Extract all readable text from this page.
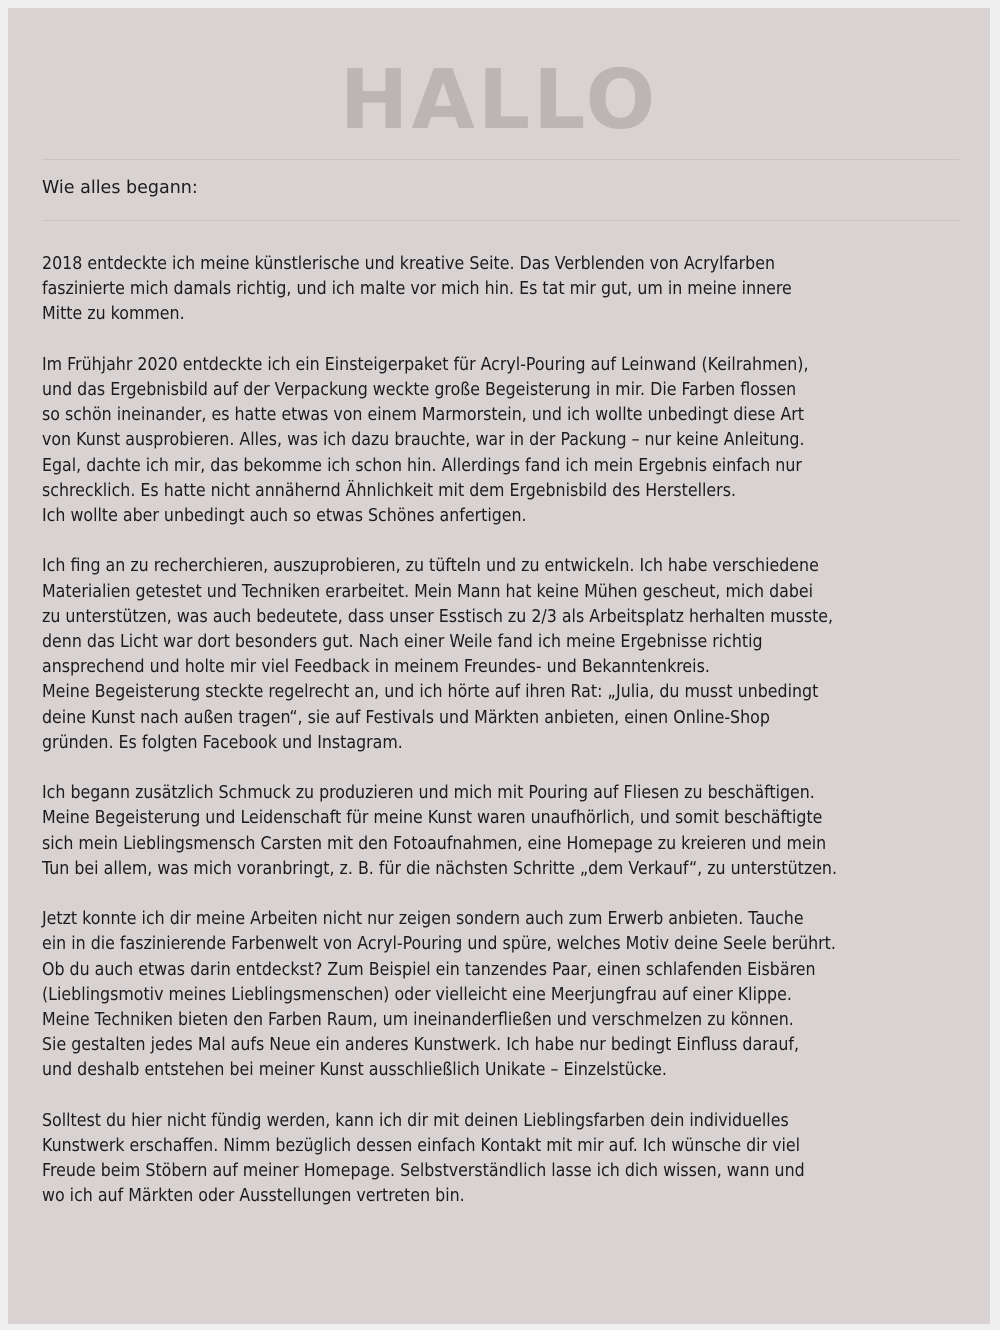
HALLO

Wie alles begann:

2018 entdeckte ich meine künstlerische und kreative Seite. Das Verblenden von Acrylfarben
faszinierte mich damals richtig, und ich malte vor mich hin. Es tat mir gut, um in meine innere
Mitte zu kommen.

Im Frühjahr 2020 entdeckte ich ein Einsteigerpaket für Acryl-Pouring auf Leinwand (Keilrahmen),
und das Ergebnisbild auf der Verpackung weckte große Begeisterung in mir. Die Farben flossen
so schön ineinander, es hatte etwas von einem Marmorstein, und ich wollte unbedingt diese Art
von Kunst ausprobieren. Alles, was ich dazu brauchte, war in der Packung – nur keine Anleitung.
Egal, dachte ich mir, das bekomme ich schon hin. Allerdings fand ich mein Ergebnis einfach nur
schrecklich. Es hatte nicht annähernd Ähnlichkeit mit dem Ergebnisbild des Herstellers.
Ich wollte aber unbedingt auch so etwas Schönes anfertigen.

Ich fing an zu recherchieren, auszuprobieren, zu tüfteln und zu entwickeln. Ich habe verschiedene
Materialien getestet und Techniken erarbeitet. Mein Mann hat keine Mühen gescheut, mich dabei
zu unterstützen, was auch bedeutete, dass unser Esstisch zu 2/3 als Arbeitsplatz herhalten musste,
denn das Licht war dort besonders gut. Nach einer Weile fand ich meine Ergebnisse richtig
ansprechend und holte mir viel Feedback in meinem Freundes- und Bekanntenkreis.
Meine Begeisterung steckte regelrecht an, und ich hörte auf ihren Rat: „Julia, du musst unbedingt
deine Kunst nach außen tragen“, sie auf Festivals und Märkten anbieten, einen Online-Shop
gründen. Es folgten Facebook und Instagram.

Ich begann zusätzlich Schmuck zu produzieren und mich mit Pouring auf Fliesen zu beschäftigen.
Meine Begeisterung und Leidenschaft für meine Kunst waren unaufhörlich, und somit beschäftigte
sich mein Lieblingsmensch Carsten mit den Fotoaufnahmen, eine Homepage zu kreieren und mein
Tun bei allem, was mich voranbringt, z. B. für die nächsten Schritte „dem Verkauf“, zu unterstützen.

Jetzt konnte ich dir meine Arbeiten nicht nur zeigen sondern auch zum Erwerb anbieten. Tauche
ein in die faszinierende Farbenwelt von Acryl-Pouring und spüre, welches Motiv deine Seele berührt.
Ob du auch etwas darin entdeckst? Zum Beispiel ein tanzendes Paar, einen schlafenden Eisbären
(Lieblingsmotiv meines Lieblingsmenschen) oder vielleicht eine Meerjungfrau auf einer Klippe.
Meine Techniken bieten den Farben Raum, um ineinanderfließen und verschmelzen zu können.
Sie gestalten jedes Mal aufs Neue ein anderes Kunstwerk. Ich habe nur bedingt Einfluss darauf,
und deshalb entstehen bei meiner Kunst ausschließlich Unikate – Einzelstücke.

Solltest du hier nicht fündig werden, kann ich dir mit deinen Lieblingsfarben dein individuelles
Kunstwerk erschaffen. Nimm bezüglich dessen einfach Kontakt mit mir auf. Ich wünsche dir viel
Freude beim Stöbern auf meiner Homepage. Selbstverständlich lasse ich dich wissen, wann und
wo ich auf Märkten oder Ausstellungen vertreten bin.
